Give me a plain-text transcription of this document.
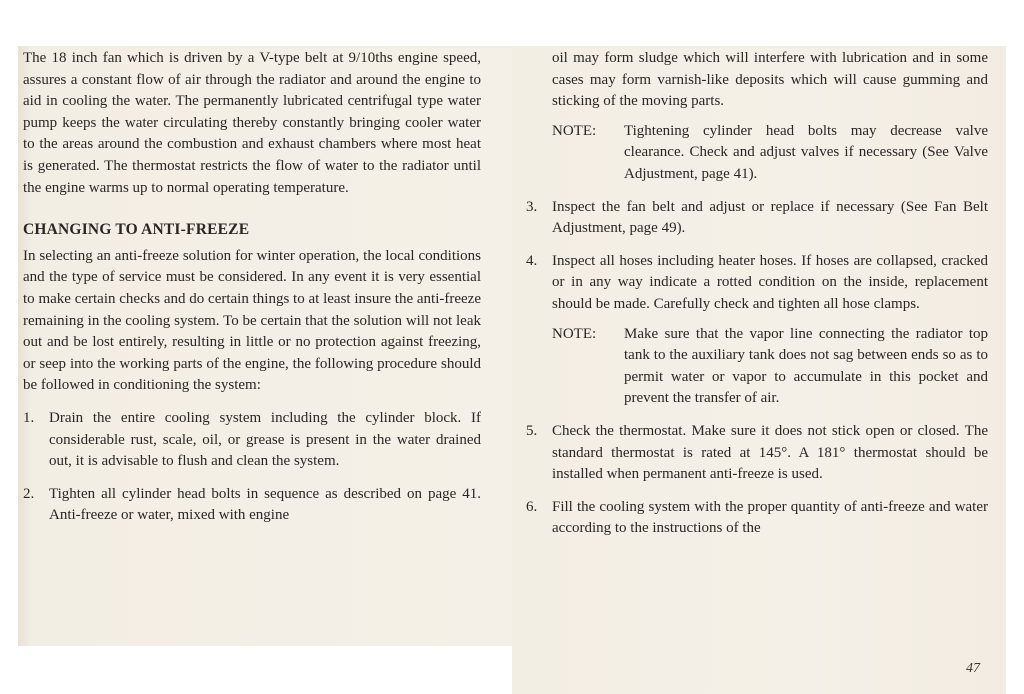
The 18 inch fan which is driven by a V-type belt at 9/10ths engine speed, assures a constant flow of air through the radiator and around the engine to aid in cooling the water. The permanently lubricated centrifugal type water pump keeps the water circulating thereby constantly bringing cooler water to the areas around the combustion and exhaust chambers where most heat is generated. The thermostat restricts the flow of water to the radiator until the engine warms up to normal operating temperature.

CHANGING TO ANTI-FREEZE

In selecting an anti-freeze solution for winter operation, the local conditions and the type of service must be considered. In any event it is very essential to make certain checks and do certain things to at least insure the anti-freeze remaining in the cooling system. To be certain that the solution will not leak out and be lost entirely, resulting in little or no protection against freezing, or seep into the working parts of the engine, the following procedure should be followed in conditioning the system:

1. Drain the entire cooling system including the cylinder block. If considerable rust, scale, oil, or grease is present in the water drained out, it is advisable to flush and clean the system.

2. Tighten all cylinder head bolts in sequence as described on page 41. Anti-freeze or water, mixed with engine

oil may form sludge which will interfere with lubrication and in some cases may form varnish-like deposits which will cause gumming and sticking of the moving parts.

NOTE: Tightening cylinder head bolts may decrease valve clearance. Check and adjust valves if necessary (See Valve Adjustment, page 41).

3. Inspect the fan belt and adjust or replace if necessary (See Fan Belt Adjustment, page 49).

4. Inspect all hoses including heater hoses. If hoses are collapsed, cracked or in any way indicate a rotted condition on the inside, replacement should be made. Carefully check and tighten all hose clamps.

NOTE: Make sure that the vapor line connecting the radiator top tank to the auxiliary tank does not sag between ends so as to permit water or vapor to accumulate in this pocket and prevent the transfer of air.

5. Check the thermostat. Make sure it does not stick open or closed. The standard thermostat is rated at 145°. A 181° thermostat should be installed when permanent anti-freeze is used.

6. Fill the cooling system with the proper quantity of anti-freeze and water according to the instructions of the

47
